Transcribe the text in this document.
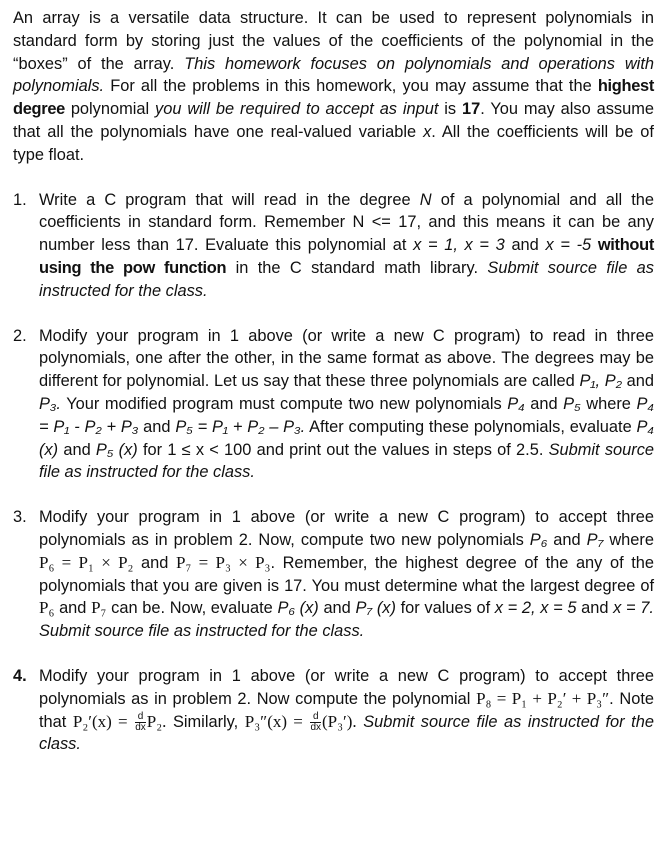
An array is a versatile data structure. It can be used to represent polynomials in standard form by storing just the values of the coefficients of the polynomial in the “boxes” of the array. This homework focuses on polynomials and operations with polynomials. For all the problems in this homework, you may assume that the highest degree polynomial you will be required to accept as input is 17. You may also assume that all the polynomials have one real-valued variable x. All the coefficients will be of type float.

1. Write a C program that will read in the degree N of a polynomial and all the coefficients in standard form. Remember N <= 17, and this means it can be any number less than 17. Evaluate this polynomial at x = 1, x = 3 and x = -5 without using the pow function in the C standard math library. Submit source file as instructed for the class.

2. Modify your program in 1 above (or write a new C program) to read in three polynomials, one after the other, in the same format as above. The degrees may be different for polynomial. Let us say that these three polynomials are called P₁, P₂ and P₃. Your modified program must compute two new polynomials P₄ and P₅ where P₄ = P₁ - P₂ + P₃ and P₅ = P₁ + P₂ – P₃. After computing these polynomials, evaluate P₄ (x) and P₅ (x) for 1 ≤ x < 100 and print out the values in steps of 2.5. Submit source file as instructed for the class.

3. Modify your program in 1 above (or write a new C program) to accept three polynomials as in problem 2. Now, compute two new polynomials P₆ and P₇ where P₆ = P₁ × P₂ and P₇ = P₃ × P₃. Remember, the highest degree of the any of the polynomials that you are given is 17. You must determine what the largest degree of P₆ and P₇ can be. Now, evaluate P₆ (x) and P₇ (x) for values of x = 2, x = 5 and x = 7. Submit source file as instructed for the class.

4. Modify your program in 1 above (or write a new C program) to accept three polynomials as in problem 2. Now compute the polynomial P₈ = P₁ + P₂′ + P₃″. Note that $P_2'(x) = \frac{d}{dx} P_2$. Similarly, $P_3''(x) = \frac{d}{dx} (P_3')$. Submit source file as instructed for the class.
